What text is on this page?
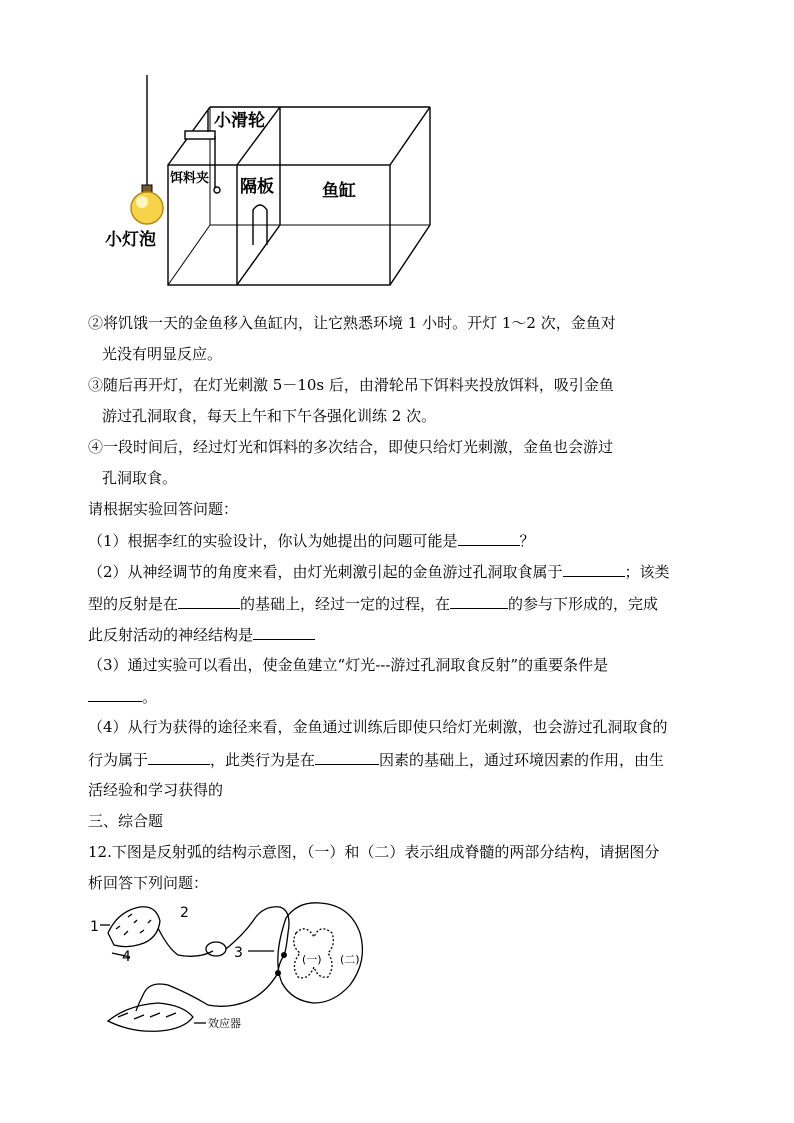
小滑轮
饵料夹 隔板	鱼缸
小灯泡
②将饥饿一天的金鱼移入鱼缸内，让它熟悉环境 1 小时。开灯 1～2 次，金鱼对
光没有明显反应。
③随后再开灯，在灯光刺激 5－10s 后，由滑轮吊下饵料夹投放饵料，吸引金鱼
游过孔洞取食，每天上午和下午各强化训练 2 次。
④一段时间后，经过灯光和饵料的多次结合，即使只给灯光刺激，金鱼也会游过
孔洞取食。
请根据实验回答问题：
（1）根据李红的实验设计，你认为她提出的问题可能是	？
（2）从神经调节的角度来看，由灯光刺激引起的金鱼游过孔洞取食属于	；该类
型的反射是在	的基础上，经过一定的过程，在	的参与下形成的，完成
此反射活动的神经结构是
（3）通过实验可以看出，使金鱼建立“灯光---游过孔洞取食反射”的重要条件是
。
（4）从行为获得的途径来看，金鱼通过训练后即使只给灯光刺激，也会游过孔洞取食的
行为属于	，此类行为是在	因素的基础上，通过环境因素的作用，由生
活经验和学习获得的
三、综合题
12.下图是反射弧的结构示意图，（一）和（二）表示组成脊髓的两部分结构，请据图分
析回答下列问题：
1
2
3
4	(一) (二)
效应器
